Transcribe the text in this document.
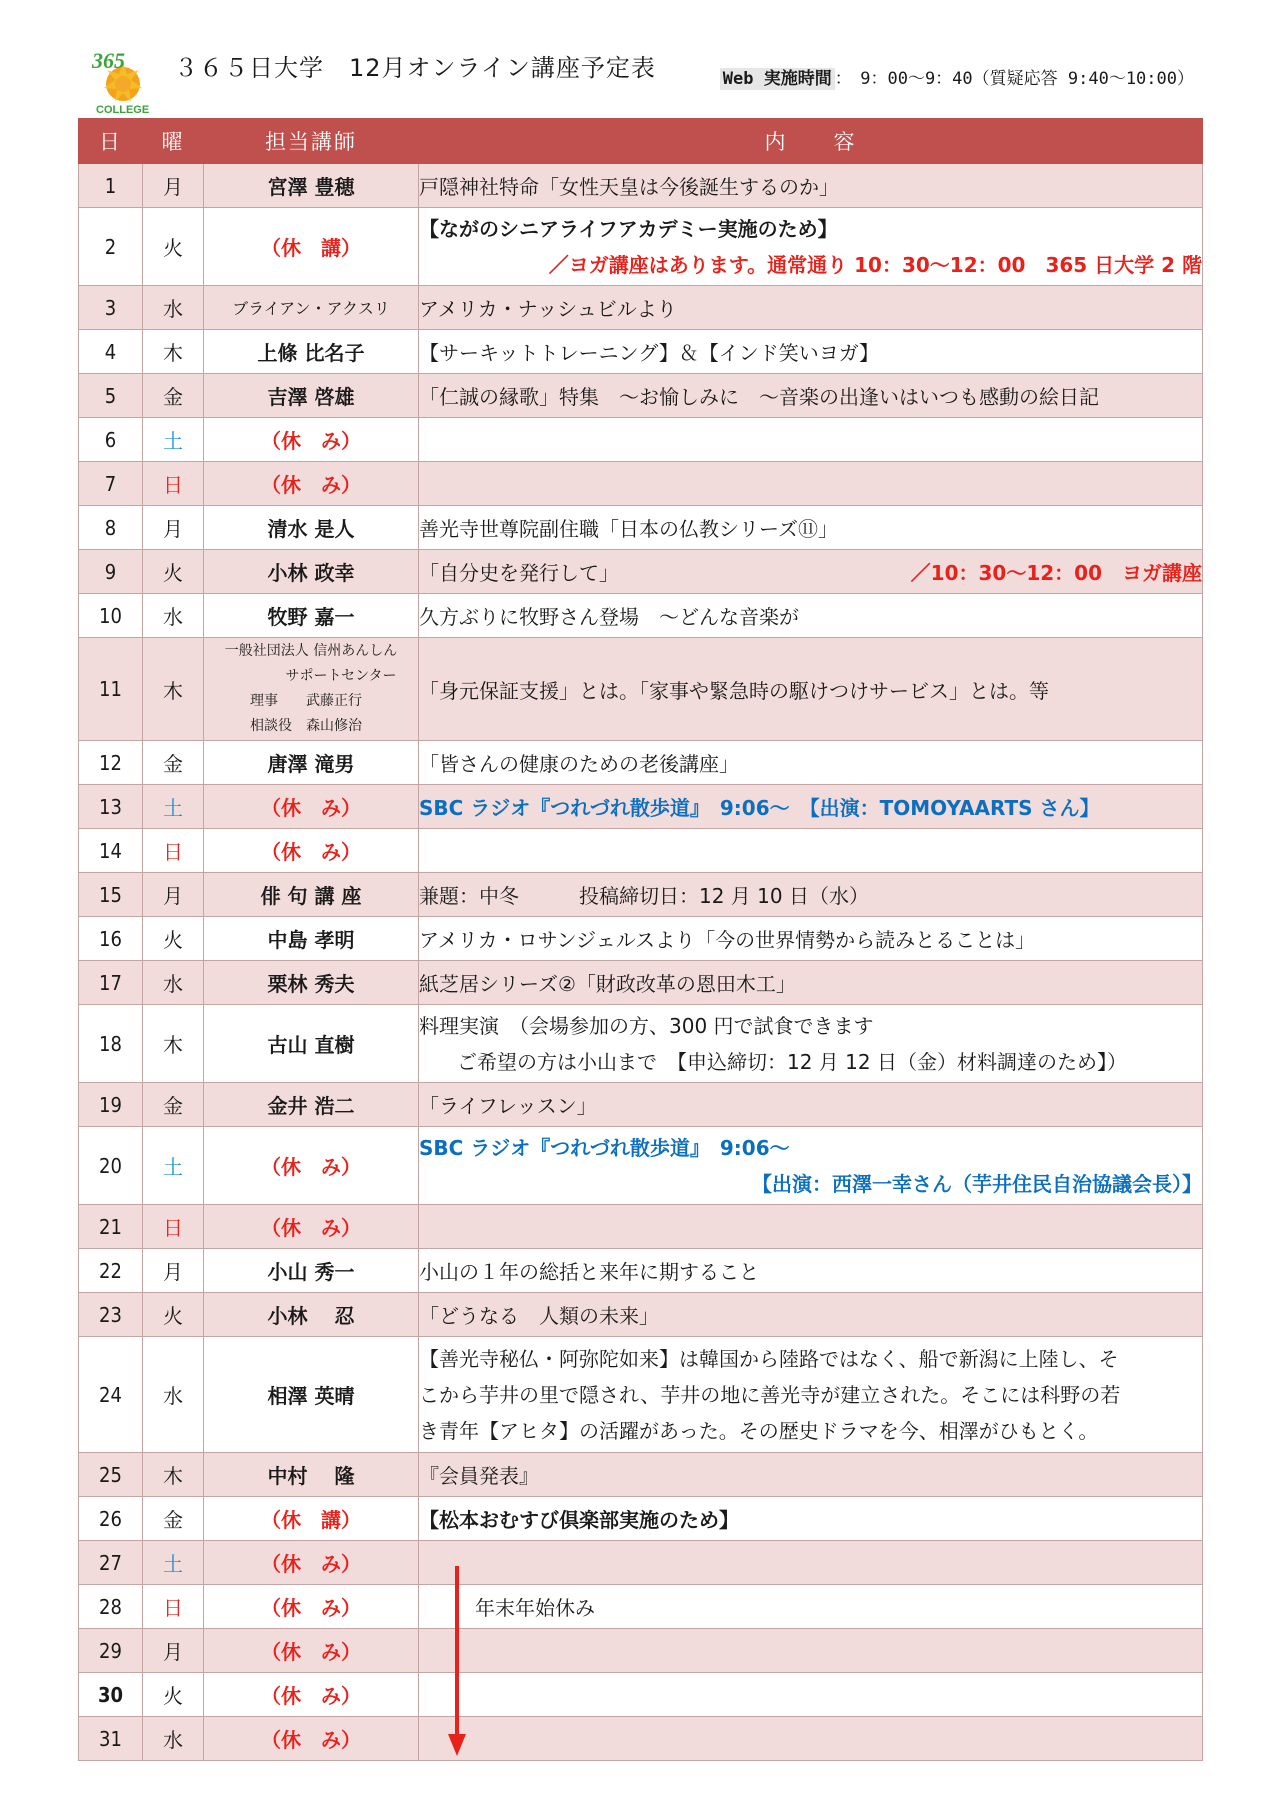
365
COLLEGE
３６５日大学　12月オンライン講座予定表	Web 実施時間 ：　9：00～9：40（質疑応答 9:40～10:00）
日	曜	担当講師	内　　容
1	月	宮澤 豊穂	戸隠神社特命「女性天皇は今後誕生するのか」
2	火	（休　講）	【ながのシニアライフアカデミー実施のため】
／ヨガ講座はあります。通常通り 10：30～12：00　365 日大学 2 階

3	水	ブライアン・アクスリ	アメリカ・ナッシュビルより
4	木	上條 比名子	【サーキットトレーニング】＆【インド笑いヨガ】
5	金	吉澤 啓雄	「仁誠の縁歌」特集　～お愉しみに　～音楽の出逢いはいつも感動の絵日記
6	土	（休　み）	
7	日	（休　み）	
8	月	清水 是人	善光寺世尊院副住職「日本の仏教シリーズ⑪」
9	火	小林 政幸	「自分史を発行して」 ／10：30～12：00　ヨガ講座

10	水	牧野 嘉一	久方ぶりに牧野さん登場　～どんな音楽が
11	木	一般社団法人 信州あんしん
サポートセンター
理事　　武藤正行
相談役　森山修治	「身元保証支援」とは。「家事や緊急時の駆けつけサービス」とは。等
12	金	唐澤 滝男	「皆さんの健康のための老後講座」
13	土	（休　み）	SBC ラジオ『つれづれ散歩道』　9:06～　【出演：TOMOYAARTS さん】
14	日	（休　み）	
15	月	俳 句 講 座	兼題：中冬　　　投稿締切日：12 月 10 日（水）
16	火	中島 孝明	アメリカ・ロサンジェルスより「今の世界情勢から読みとることは」
17	水	栗林 秀夫	紙芝居シリーズ②「財政改革の恩田木工」
18	木	古山 直樹	料理実演　（会場参加の方、300 円で試食できます
ご希望の方は小山まで　【申込締切：12 月 12 日（金）材料調達のため】）

19	金	金井 浩二	「ライフレッスン」
20	土	（休　み）	SBC ラジオ『つれづれ散歩道』　9:06～
【出演：西澤一幸さん（芋井住民自治協議会長）】

21	日	（休　み）	
22	月	小山 秀一	小山の１年の総括と来年に期すること
23	火	小林　 忍	「どうなる　人類の未来」
24	水	相澤 英晴	【善光寺秘仏・阿弥陀如来】は韓国から陸路ではなく、船で新潟に上陸し、そ
こから芋井の里で隠され、芋井の地に善光寺が建立された。そこには科野の若
き青年【アヒタ】の活躍があった。その歴史ドラマを今、相澤がひもとく。

25	木	中村　 隆	『会員発表』
26	金	（休　講）	【松本おむすび倶楽部実施のため】
27	土	（休　み）	
28	日	（休　み）	年末年始休み
29	月	（休　み）	
30	火	（休　み）	
31	水	（休　み）	
